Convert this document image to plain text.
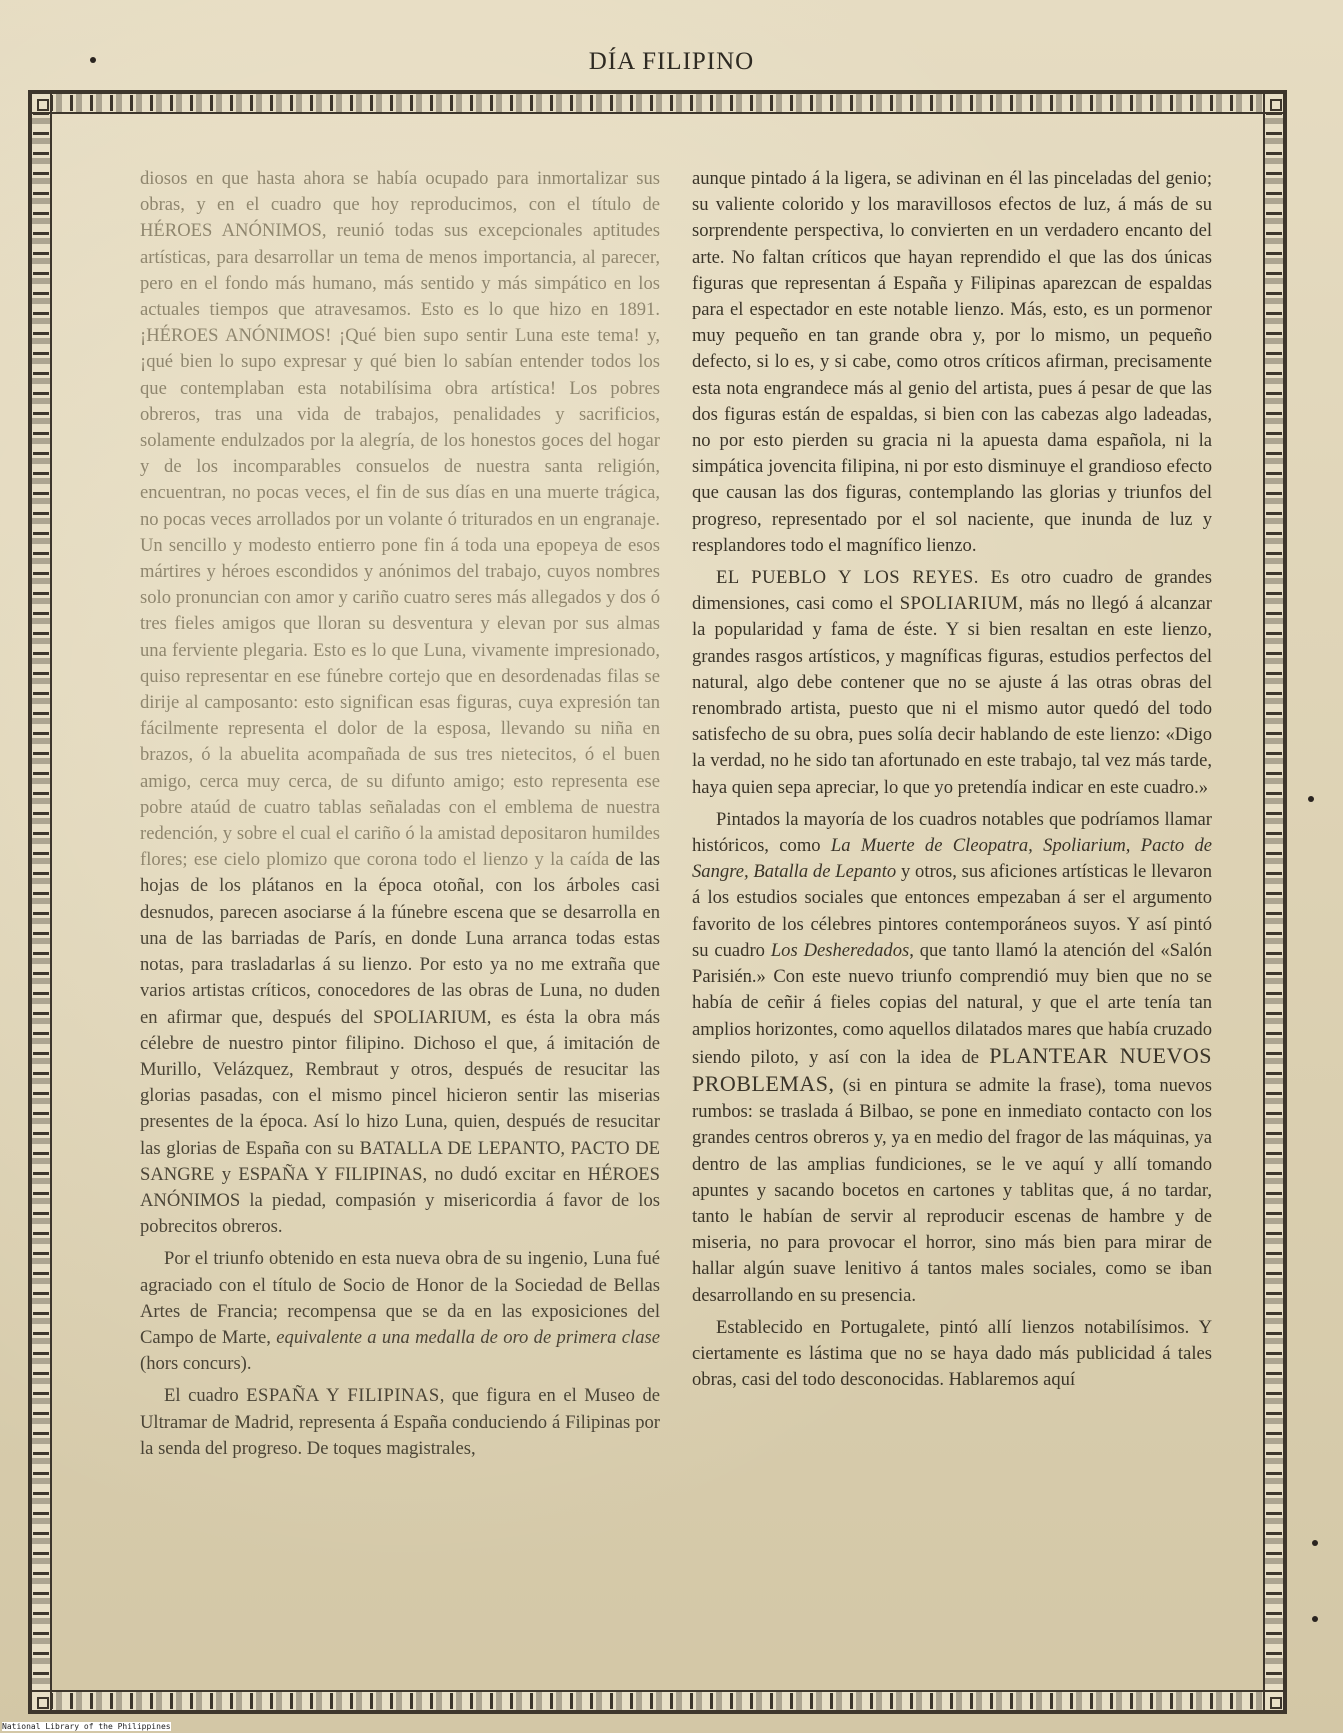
DÍA FILIPINO

diosos en que hasta ahora se había ocupado para inmortalizar sus obras, y en el cuadro que hoy reproducimos, con el título de HÉROES ANÓNIMOS, reunió todas sus excepcionales aptitudes artísticas, para desarrollar un tema de menos importancia, al parecer, pero en el fondo más humano, más sentido y más simpático en los actuales tiempos que atravesamos. Esto es lo que hizo en 1891. ¡HÉROES ANÓNIMOS! ¡Qué bien supo sentir Luna este tema! y, ¡qué bien lo supo expresar y qué bien lo sabían entender todos los que contemplaban esta notabilísima obra artística! Los pobres obreros, tras una vida de trabajos, penalidades y sacrificios, solamente endulzados por la alegría, de los honestos goces del hogar y de los incomparables consuelos de nuestra santa religión, encuentran, no pocas veces, el fin de sus días en una muerte trágica, no pocas veces arrollados por un volante ó triturados en un engranaje. Un sencillo y modesto entierro pone fin á toda una epopeya de esos mártires y héroes escondidos y anónimos del trabajo, cuyos nombres solo pronuncian con amor y cariño cuatro seres más allegados y dos ó tres fieles amigos que lloran su desventura y elevan por sus almas una ferviente plegaria. Esto es lo que Luna, vivamente impresionado, quiso representar en ese fúnebre cortejo que en desordenadas filas se dirije al camposanto: esto significan esas figuras, cuya expresión tan fácilmente representa el dolor de la esposa, llevando su niña en brazos, ó la abuelita acompañada de sus tres nietecitos, ó el buen amigo, cerca muy cerca, de su difunto amigo; esto representa ese pobre ataúd de cuatro tablas señaladas con el emblema de nuestra redención, y sobre el cual el cariño ó la amistad depositaron humildes flores; ese cielo plomizo que corona todo el lienzo y la caída de las hojas de los plátanos en la época otoñal, con los árboles casi desnudos, parecen asociarse á la fúnebre escena que se desarrolla en una de las barriadas de París, en donde Luna arranca todas estas notas, para trasladarlas á su lienzo. Por esto ya no me extraña que varios artistas críticos, conocedores de las obras de Luna, no duden en afirmar que, después del SPOLIARIUM, es ésta la obra más célebre de nuestro pintor filipino. Dichoso el que, á imitación de Murillo, Velázquez, Rembraut y otros, después de resucitar las glorias pasadas, con el mismo pincel hicieron sentir las miserias presentes de la época. Así lo hizo Luna, quien, después de resucitar las glorias de España con su BATALLA DE LEPANTO, PACTO DE SANGRE y ESPAÑA Y FILIPINAS, no dudó excitar en HÉROES ANÓNIMOS la piedad, compasión y misericordia á favor de los pobrecitos obreros.

Por el triunfo obtenido en esta nueva obra de su ingenio, Luna fué agraciado con el título de Socio de Honor de la Sociedad de Bellas Artes de Francia; recompensa que se da en las exposiciones del Campo de Marte, equivalente a una medalla de oro de primera clase (hors concurs).

El cuadro ESPAÑA Y FILIPINAS, que figura en el Museo de Ultramar de Madrid, representa á España conduciendo á Filipinas por la senda del progreso. De toques magistrales,

aunque pintado á la ligera, se adivinan en él las pinceladas del genio; su valiente colorido y los maravillosos efectos de luz, á más de su sorprendente perspectiva, lo convierten en un verdadero encanto del arte. No faltan críticos que hayan reprendido el que las dos únicas figuras que representan á España y Filipinas aparezcan de espaldas para el espectador en este notable lienzo. Más, esto, es un pormenor muy pequeño en tan grande obra y, por lo mismo, un pequeño defecto, si lo es, y si cabe, como otros críticos afirman, precisamente esta nota engrandece más al genio del artista, pues á pesar de que las dos figuras están de espaldas, si bien con las cabezas algo ladeadas, no por esto pierden su gracia ni la apuesta dama española, ni la simpática jovencita filipina, ni por esto disminuye el grandioso efecto que causan las dos figuras, contemplando las glorias y triunfos del progreso, representado por el sol naciente, que inunda de luz y resplandores todo el magnífico lienzo.

EL PUEBLO Y LOS REYES. Es otro cuadro de grandes dimensiones, casi como el SPOLIARIUM, más no llegó á alcanzar la popularidad y fama de éste. Y si bien resaltan en este lienzo, grandes rasgos artísticos, y magníficas figuras, estudios perfectos del natural, algo debe contener que no se ajuste á las otras obras del renombrado artista, puesto que ni el mismo autor quedó del todo satisfecho de su obra, pues solía decir hablando de este lienzo: «Digo la verdad, no he sido tan afortunado en este trabajo, tal vez más tarde, haya quien sepa apreciar, lo que yo pretendía indicar en este cuadro.»

Pintados la mayoría de los cuadros notables que podríamos llamar históricos, como La Muerte de Cleopatra, Spoliarium, Pacto de Sangre, Batalla de Lepanto y otros, sus aficiones artísticas le llevaron á los estudios sociales que entonces empezaban á ser el argumento favorito de los célebres pintores contemporáneos suyos. Y así pintó su cuadro Los Desheredados, que tanto llamó la atención del «Salón Parisién.» Con este nuevo triunfo comprendió muy bien que no se había de ceñir á fieles copias del natural, y que el arte tenía tan amplios horizontes, como aquellos dilatados mares que había cruzado siendo piloto, y así con la idea de PLANTEAR NUEVOS PROBLEMAS, (si en pintura se admite la frase), toma nuevos rumbos: se traslada á Bilbao, se pone en inmediato contacto con los grandes centros obreros y, ya en medio del fragor de las máquinas, ya dentro de las amplias fundiciones, se le ve aquí y allí tomando apuntes y sacando bocetos en cartones y tablitas que, á no tardar, tanto le habían de servir al reproducir escenas de hambre y de miseria, no para provocar el horror, sino más bien para mirar de hallar algún suave lenitivo á tantos males sociales, como se iban desarrollando en su presencia.

Establecido en Portugalete, pintó allí lienzos notabilísimos. Y ciertamente es lástima que no se haya dado más publicidad á tales obras, casi del todo desconocidas. Hablaremos aquí

National Library of the Philippines
